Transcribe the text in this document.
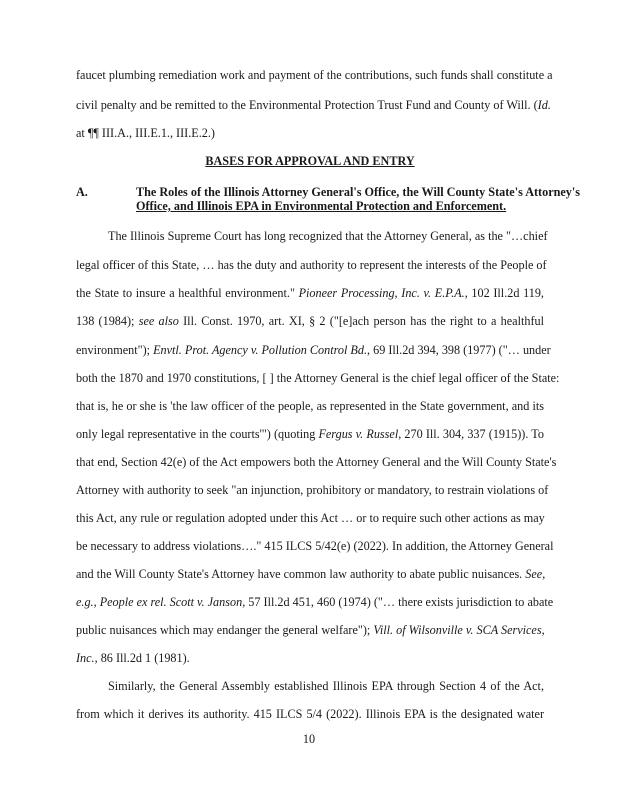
faucet plumbing remediation work and payment of the contributions, such funds shall constitute a
civil penalty and be remitted to the Environmental Protection Trust Fund and County of Will. (Id.
at ¶¶ III.A., III.E.1., III.E.2.)
BASES FOR APPROVAL AND ENTRY
A.	The Roles of the Illinois Attorney General's Office, the Will County State's Attorney's
Office, and Illinois EPA in Environmental Protection and Enforcement.
The Illinois Supreme Court has long recognized that the Attorney General, as the "…chief
legal officer of this State, … has the duty and authority to represent the interests of the People of
the State to insure a healthful environment." Pioneer Processing, Inc. v. E.P.A., 102 Ill.2d 119,
138 (1984); see also Ill. Const. 1970, art. XI, § 2 ("[e]ach person has the right to a healthful
environment"); Envtl. Prot. Agency v. Pollution Control Bd., 69 Ill.2d 394, 398 (1977) ("… under
both the 1870 and 1970 constitutions, [ ] the Attorney General is the chief legal officer of the State:
that is, he or she is 'the law officer of the people, as represented in the State government, and its
only legal representative in the courts'") (quoting Fergus v. Russel, 270 Ill. 304, 337 (1915)). To
that end, Section 42(e) of the Act empowers both the Attorney General and the Will County State's
Attorney with authority to seek "an injunction, prohibitory or mandatory, to restrain violations of
this Act, any rule or regulation adopted under this Act … or to require such other actions as may
be necessary to address violations…." 415 ILCS 5/42(e) (2022). In addition, the Attorney General
and the Will County State's Attorney have common law authority to abate public nuisances. See,
e.g., People ex rel. Scott v. Janson, 57 Ill.2d 451, 460 (1974) ("… there exists jurisdiction to abate
public nuisances which may endanger the general welfare"); Vill. of Wilsonville v. SCA Services,
Inc., 86 Ill.2d 1 (1981).
Similarly, the General Assembly established Illinois EPA through Section 4 of the Act,
from which it derives its authority. 415 ILCS 5/4 (2022). Illinois EPA is the designated water
10
